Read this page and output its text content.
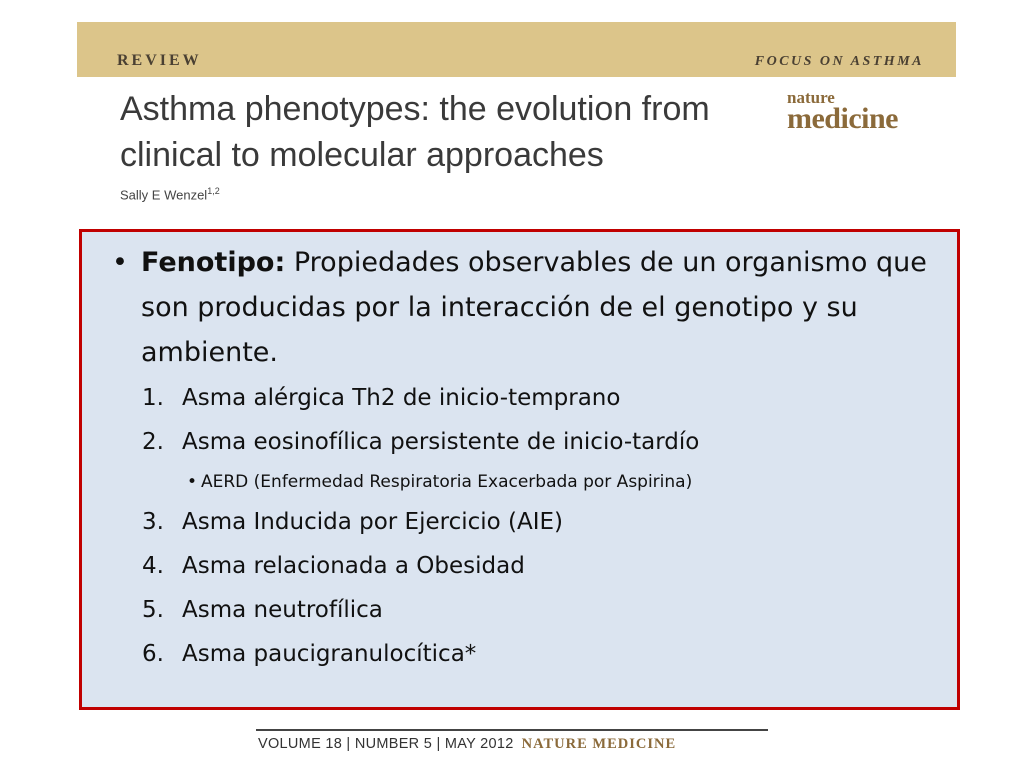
REVIEW	FOCUS ON ASTHMA
Asthma phenotypes: the evolution from
clinical to molecular approaches
nature
medicine
Sally E Wenzel$^{1,2}$
• Fenotipo: Propiedades observables de un organismo que son producidas por la interacción de el genotipo y su ambiente.
1. Asma alérgica Th2 de inicio-temprano
2. Asma eosinofílica persistente de inicio-tardío
• AERD (Enfermedad Respiratoria Exacerbada por Aspirina)
3. Asma Inducida por Ejercicio (AIE)
4. Asma relacionada a Obesidad
5. Asma neutrofílica
6. Asma paucigranulocítica*
VOLUME 18 | NUMBER 5 | MAY 2012 NATURE MEDICINE
